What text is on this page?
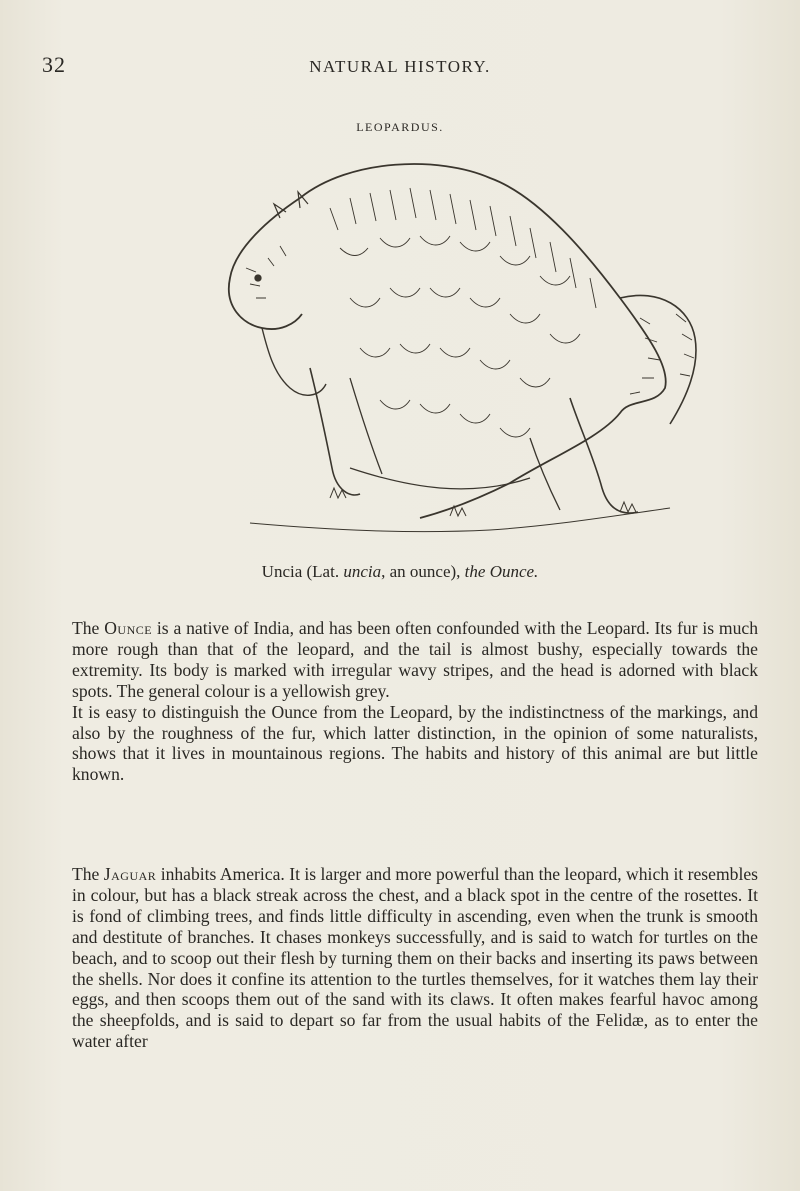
32	NATURAL HISTORY.
LEOPARDUS.
Uncia (Lat. uncia, an ounce), the Ounce.

The Ounce is a native of India, and has been often confounded with the Leopard. Its fur is much more rough than that of the leopard, and the tail is almost bushy, especially towards the extremity. Its body is marked with irregular wavy stripes, and the head is adorned with black spots. The general colour is a yellowish grey.

It is easy to distinguish the Ounce from the Leopard, by the indistinctness of the markings, and also by the roughness of the fur, which latter distinction, in the opinion of some naturalists, shows that it lives in mountainous regions. The habits and history of this animal are but little known.

The Jaguar inhabits America. It is larger and more powerful than the leopard, which it resembles in colour, but has a black streak across the chest, and a black spot in the centre of the rosettes. It is fond of climbing trees, and finds little difficulty in ascending, even when the trunk is smooth and destitute of branches. It chases monkeys successfully, and is said to watch for turtles on the beach, and to scoop out their flesh by turning them on their backs and inserting its paws between the shells. Nor does it confine its attention to the turtles themselves, for it watches them lay their eggs, and then scoops them out of the sand with its claws. It often makes fearful havoc among the sheepfolds, and is said to depart so far from the usual habits of the Felidæ, as to enter the water after
